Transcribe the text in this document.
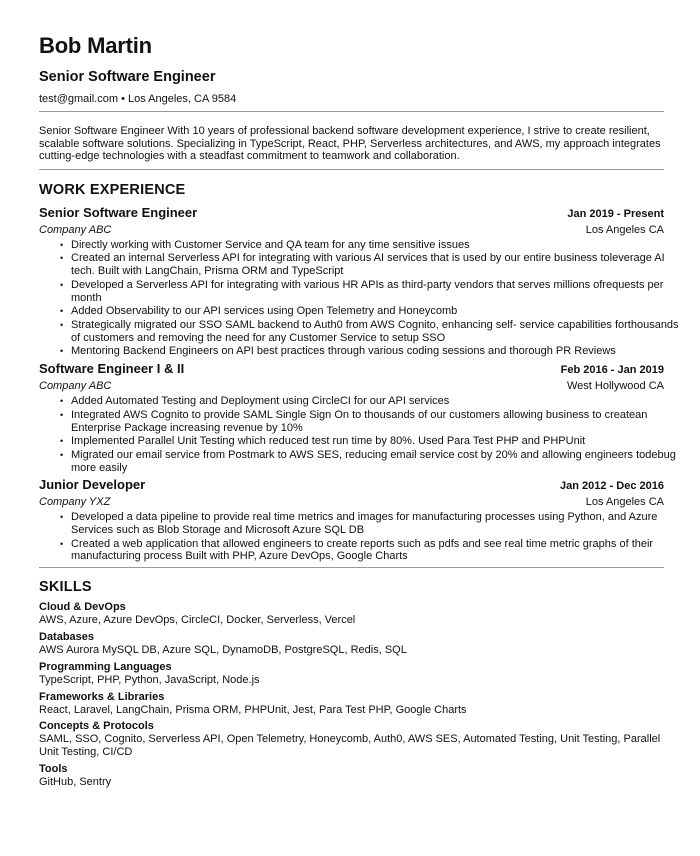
Bob Martin
Senior Software Engineer
test@gmail.com • Los Angeles, CA 9584
Senior Software Engineer With 10 years of professional backend software development experience, I strive to create resilient, scalable software solutions. Specializing in TypeScript, React, PHP, Serverless architectures, and AWS, my approach integrates cutting-edge technologies with a steadfast commitment to teamwork and collaboration.
WORK EXPERIENCE
Senior Software Engineer	Jan 2019 - Present
Company ABC	Los Angeles CA
• Directly working with Customer Service and QA team for any time sensitive issues
• Created an internal Serverless API for integrating with various AI services that is used by our entire business toleverage AI tech. Built with LangChain, Prisma ORM and TypeScript
• Developed a Serverless API for integrating with various HR APIs as third-party vendors that serves millions ofrequests per month
• Added Observability to our API services using Open Telemetry and Honeycomb
• Strategically migrated our SSO SAML backend to Auth0 from AWS Cognito, enhancing self- service capabilities forthousands of customers and removing the need for any Customer Service to setup SSO
• Mentoring Backend Engineers on API best practices through various coding sessions and thorough PR Reviews
Software Engineer I & II	Feb 2016 - Jan 2019
Company ABC	West Hollywood CA
• Added Automated Testing and Deployment using CircleCI for our API services
• Integrated AWS Cognito to provide SAML Single Sign On to thousands of our customers allowing business to createan Enterprise Package increasing revenue by 10%
• Implemented Parallel Unit Testing which reduced test run time by 80%. Used Para Test PHP and PHPUnit
• Migrated our email service from Postmark to AWS SES, reducing email service cost by 20% and allowing engineers todebug more easily
Junior Developer	Jan 2012 - Dec 2016
Company YXZ	Los Angeles CA
• Developed a data pipeline to provide real time metrics and images for manufacturing processes using Python, and Azure Services such as Blob Storage and Microsoft Azure SQL DB
• Created a web application that allowed engineers to create reports such as pdfs and see real time metric graphs of their manufacturing process Built with PHP, Azure DevOps, Google Charts
SKILLS
Cloud & DevOps
AWS, Azure, Azure DevOps, CircleCI, Docker, Serverless, Vercel
Databases
AWS Aurora MySQL DB, Azure SQL, DynamoDB, PostgreSQL, Redis, SQL
Programming Languages
TypeScript, PHP, Python, JavaScript, Node.js
Frameworks & Libraries
React, Laravel, LangChain, Prisma ORM, PHPUnit, Jest, Para Test PHP, Google Charts
Concepts & Protocols
SAML, SSO, Cognito, Serverless API, Open Telemetry, Honeycomb, Auth0, AWS SES, Automated Testing, Unit Testing, Parallel Unit Testing, CI/CD
Tools
GitHub, Sentry
